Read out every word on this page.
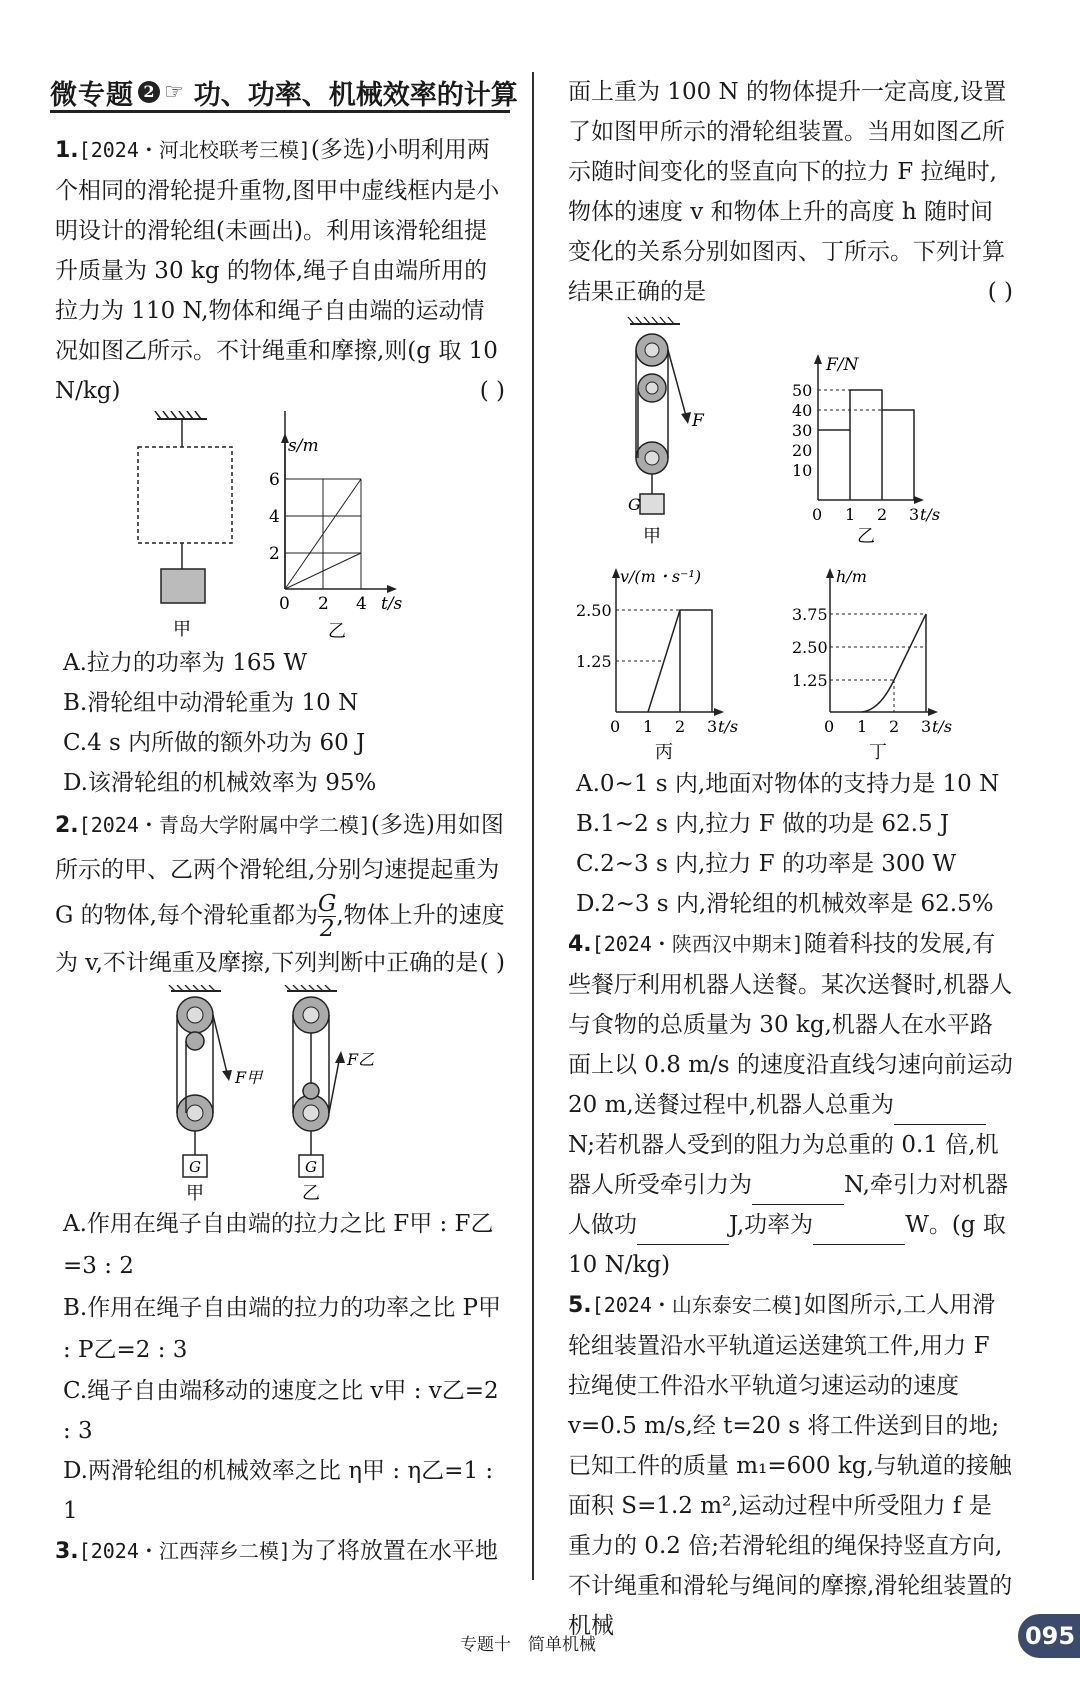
微专题 2 ☞ 功、功率、机械效率的计算
1.[2024・河北校联考三模](多选)小明利用两个相同的滑轮提升重物,图甲中虚线框内是小明设计的滑轮组(未画出)。利用该滑轮组提升质量为 30 kg 的物体,绳子自由端所用的拉力为 110 N,物体和绳子自由端的运动情况如图乙所示。不计绳重和摩擦,则(g 取 10 N/kg)	( )
甲
s/m
6
4
2
0 2 4 t/s
乙
A.拉力的功率为 165 W
B.滑轮组中动滑轮重为 10 N
C.4 s 内所做的额外功为 60 J
D.该滑轮组的机械效率为 95%
2.[2024・青岛大学附属中学二模](多选)用如图所示的甲、乙两个滑轮组,分别匀速提起重为 G 的物体,每个滑轮重都为 $\frac{G}{2}$ ,物体上升的速度为 v,不计绳重及摩擦,下列判断中正确的是 ( )
G
F甲
甲
G
F乙
乙
A.作用在绳子自由端的拉力之比 F甲 : F乙=3 : 2
B.作用在绳子自由端的拉力的功率之比 P甲 : P乙=2 : 3
C.绳子自由端移动的速度之比 v甲 : v乙=2 : 3
D.两滑轮组的机械效率之比 η甲 : η乙=1 : 1
3.[2024・江西萍乡二模]为了将放置在水平地
面上重为 100 N 的物体提升一定高度,设置了如图甲所示的滑轮组装置。当用如图乙所示随时间变化的竖直向下的拉力 F 拉绳时,物体的速度 v 和物体上升的高度 h 随时间变化的关系分别如图丙、丁所示。下列计算结果正确的是	( )
G
F
甲
F/N
50
40
30
20
10
0 1 2 3 t/s
乙
v/(m・s⁻¹)
2.50
1.25
0 1 2 3 t/s
丙
h/m
3.75
2.50
1.25
0 1 2 3 t/s
丁
A.0~1 s 内,地面对物体的支持力是 10 N
B.1~2 s 内,拉力 F 做的功是 62.5 J
C.2~3 s 内,拉力 F 的功率是 300 W
D.2~3 s 内,滑轮组的机械效率是 62.5%
4.[2024・陕西汉中期末]随着科技的发展,有些餐厅利用机器人送餐。某次送餐时,机器人与食物的总质量为 30 kg,机器人在水平路面上以 0.8 m/s 的速度沿直线匀速向前运动 20 m,送餐过程中,机器人总重为N;若机器人受到的阻力为总重的 0.1 倍,机器人所受牵引力为	N,牵引力对机器人做功	J,功率为	W。(g 取 10 N/kg)
5.[2024・山东泰安二模]如图所示,工人用滑轮组装置沿水平轨道运送建筑工件,用力 F 拉绳使工件沿水平轨道匀速运动的速度 v=0.5 m/s,经 t=20 s 将工件送到目的地;已知工件的质量 m₁=600 kg,与轨道的接触面积 S=1.2 m²,运动过程中所受阻力 f 是重力的 0.2 倍;若滑轮组的绳保持竖直方向,不计绳重和滑轮与绳间的摩擦,滑轮组装置的机械
专题十　简单机械	095
